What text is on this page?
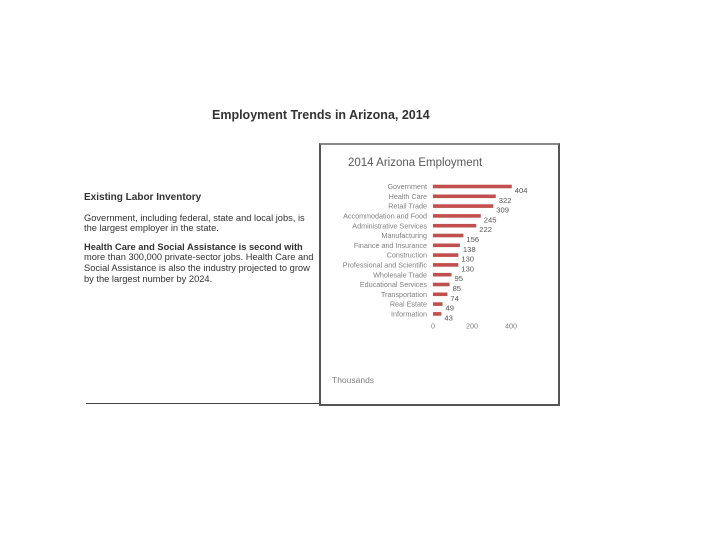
Employment Trends in Arizona, 2014
Existing Labor Inventory

Government, including federal, state and local jobs, is the largest employer in the state.

Health Care and Social Assistance is second with more than 300,000 private-sector jobs. Health Care and Social Assistance is also the industry projected to grow by the largest number by 2024.

2014 Arizona Employment
Government	404
Health Care	322
Retail Trade	309
Accommodation and Food	245
Administrative Services	222
Manufacturing	156
Finance and Insurance	138
Construction	130
Professional and Scientific	130
Wholesale Trade	95
Educational Services	85
Transportation	74
Real Estate 49
Information 43
0	200	400
Thousands
